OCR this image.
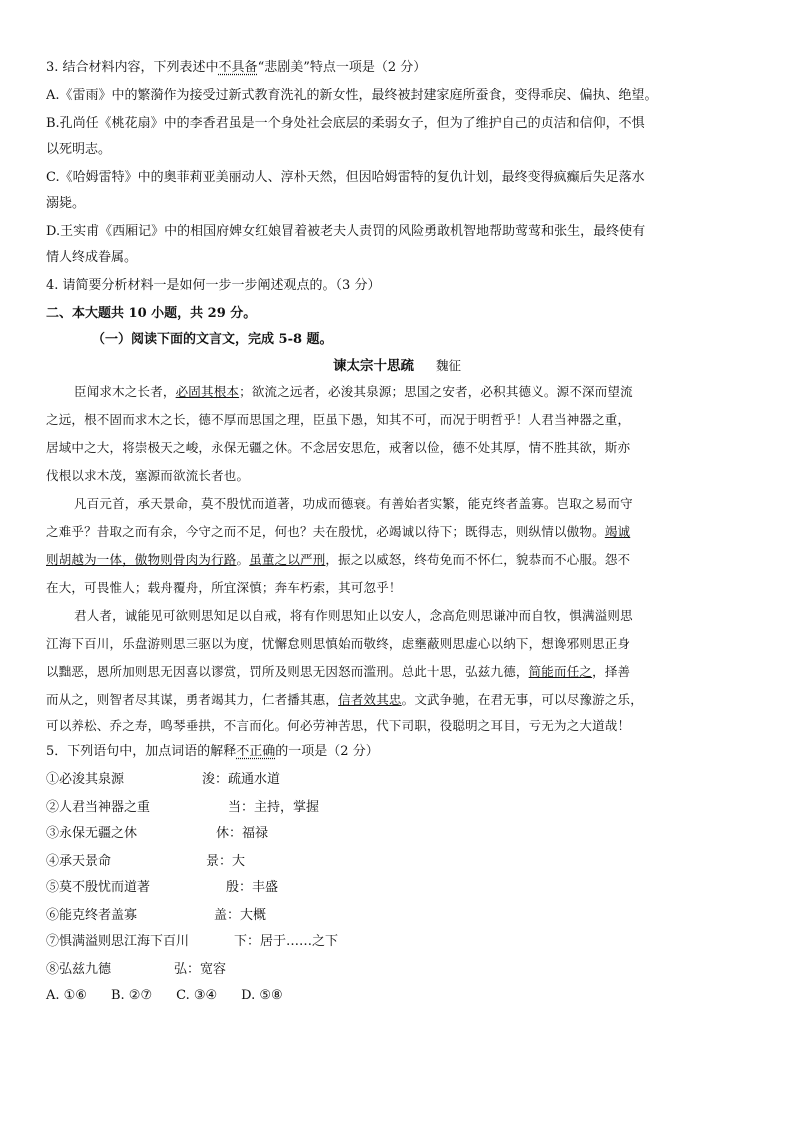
3. 结合材料内容，下列表述中不具备“悲剧美”特点一项是（2 分）
A.《雷雨》中的繁漪作为接受过新式教育洗礼的新女性，最终被封建家庭所蚕食，变得乖戾、偏执、绝望。
B.孔尚任《桃花扇》中的李香君虽是一个身处社会底层的柔弱女子，但为了维护自己的贞洁和信仰，不惧
以死明志。
C.《哈姆雷特》中的奥菲莉亚美丽动人、淳朴天然，但因哈姆雷特的复仇计划，最终变得疯癫后失足落水
溺毙。
D.王实甫《西厢记》中的相国府婢女红娘冒着被老夫人责罚的风险勇敢机智地帮助莺莺和张生，最终使有
情人终成眷属。
4. 请简要分析材料一是如何一步一步阐述观点的。（3 分）
二、本大题共 10 小题，共 29 分。
（一）阅读下面的文言文，完成 5-8 题。
谏太宗十思疏 魏征
臣闻求木之长者，必固其根本；欲流之远者，必浚其泉源；思国之安者，必积其德义。源不深而望流
之远，根不固而求木之长，德不厚而思国之理，臣虽下愚，知其不可，而况于明哲乎！人君当神器之重，
居域中之大，将崇极天之峻，永保无疆之休。不念居安思危，戒奢以俭，德不处其厚，情不胜其欲，斯亦
伐根以求木茂，塞源而欲流长者也。
凡百元首，承天景命，莫不殷忧而道著，功成而德衰。有善始者实繁，能克终者盖寡。岂取之易而守
之难乎？昔取之而有余，今守之而不足，何也？夫在殷忧，必竭诚以待下；既得志，则纵情以傲物。竭诚
则胡越为一体，傲物则骨肉为行路。虽董之以严刑，振之以威怒，终苟免而不怀仁，貌恭而不心服。怨不
在大，可畏惟人；载舟覆舟，所宜深慎；奔车朽索，其可忽乎！
君人者，诚能见可欲则思知足以自戒，将有作则思知止以安人，念高危则思谦冲而自牧，惧满溢则思
江海下百川，乐盘游则思三驱以为度，忧懈怠则思慎始而敬终，虑壅蔽则思虚心以纳下，想谗邪则思正身
以黜恶，恩所加则思无因喜以谬赏，罚所及则思无因怒而滥刑。总此十思，弘兹九德，简能而任之，择善
而从之，则智者尽其谋，勇者竭其力，仁者播其惠，信者效其忠。文武争驰，在君无事，可以尽豫游之乐，
可以养松、乔之寿，鸣琴垂拱，不言而化。何必劳神苦思，代下司职，役聪明之耳目，亏无为之大道哉！
5．下列语句中，加点词语的解释不正确的一项是（2 分）
①必浚其泉源	浚：疏通水道
②人君当神器之重	当：主持，掌握
③永保无疆之休	休：福禄
④承天景命	景：大
⑤莫不殷忧而道著	殷：丰盛
⑥能克终者盖寡	盖：大概
⑦惧满溢则思江海下百川	下：居于……之下
⑧弘兹九德	弘：宽容
A. ①⑥ B. ②⑦ C. ③④ D. ⑤⑧
